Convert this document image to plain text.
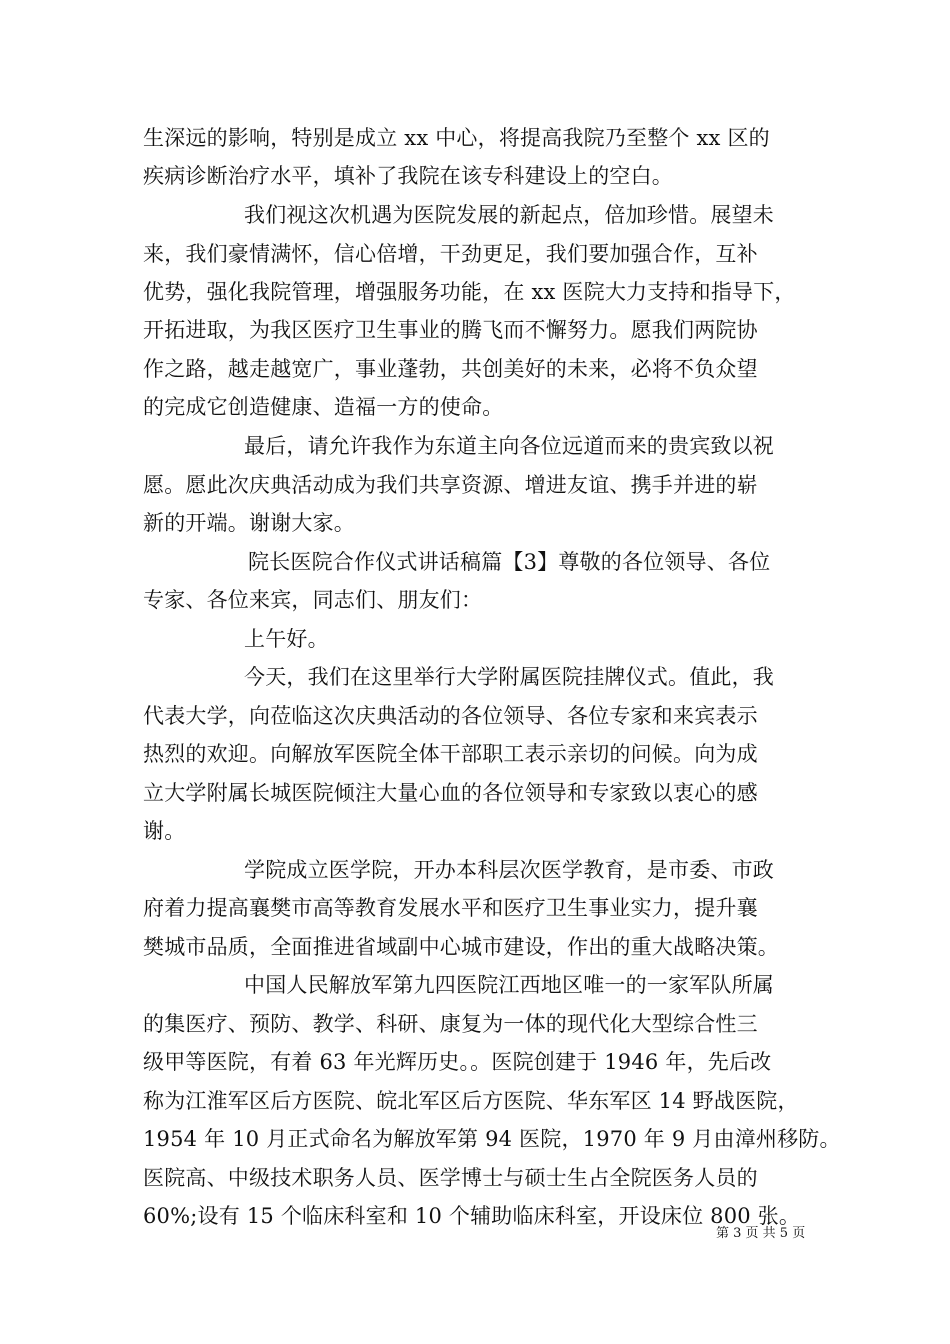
生深远的影响，特别是成立 xx 中心，将提高我院乃至整个 xx 区的
疾病诊断治疗水平，填补了我院在该专科建设上的空白。
我们视这次机遇为医院发展的新起点，倍加珍惜。展望未
来，我们豪情满怀，信心倍增，干劲更足，我们要加强合作，互补
优势，强化我院管理，增强服务功能，在 xx 医院大力支持和指导下，
开拓进取，为我区医疗卫生事业的腾飞而不懈努力。愿我们两院协
作之路，越走越宽广，事业蓬勃，共创美好的未来，必将不负众望
的完成它创造健康、造福一方的使命。
最后，请允许我作为东道主向各位远道而来的贵宾致以祝
愿。愿此次庆典活动成为我们共享资源、增进友谊、携手并进的崭
新的开端。谢谢大家。
院长医院合作仪式讲话稿篇【3】尊敬的各位领导、各位
专家、各位来宾，同志们、朋友们：
上午好。
今天，我们在这里举行大学附属医院挂牌仪式。值此，我
代表大学，向莅临这次庆典活动的各位领导、各位专家和来宾表示
热烈的欢迎。向解放军医院全体干部职工表示亲切的问候。向为成
立大学附属长城医院倾注大量心血的各位领导和专家致以衷心的感
谢。
学院成立医学院，开办本科层次医学教育，是市委、市政
府着力提高襄樊市高等教育发展水平和医疗卫生事业实力，提升襄
樊城市品质，全面推进省域副中心城市建设，作出的重大战略决策。
中国人民解放军第九四医院江西地区唯一的一家军队所属
的集医疗、预防、教学、科研、康复为一体的现代化大型综合性三
级甲等医院，有着 63 年光辉历史。。医院创建于 1946 年，先后改
称为江淮军区后方医院、皖北军区后方医院、华东军区 14 野战医院，
1954 年 10 月正式命名为解放军第 94 医院，1970 年 9 月由漳州移防。
医院高、中级技术职务人员、医学博士与硕士生占全院医务人员的
60%;设有 15 个临床科室和 10 个辅助临床科室，开设床位 800 张。
第 3 页 共 5 页
